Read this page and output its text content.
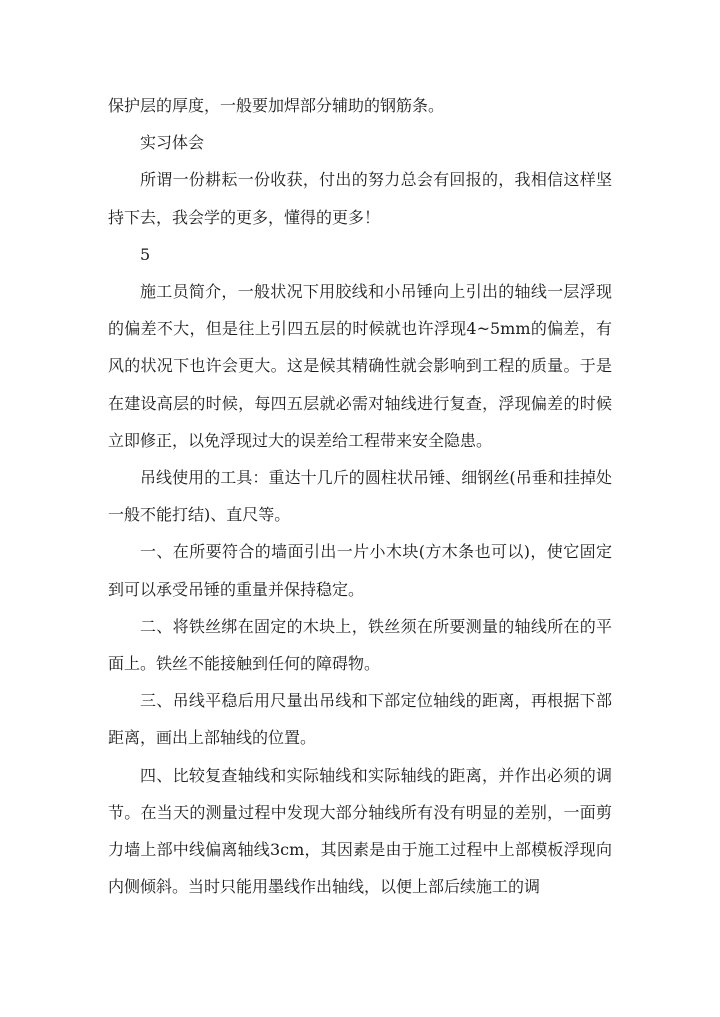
保护层的厚度，一般要加焊部分辅助的钢筋条。

实习体会

所谓一份耕耘一份收获，付出的努力总会有回报的，我相信这样坚持下去，我会学的更多，懂得的更多！

5

施工员简介，一般状况下用胶线和小吊锤向上引出的轴线一层浮现的偏差不大，但是往上引四五层的时候就也许浮现4~5mm的偏差，有风的状况下也许会更大。这是候其精确性就会影响到工程的质量。于是在建设高层的时候，每四五层就必需对轴线进行复查，浮现偏差的时候立即修正，以免浮现过大的误差给工程带来安全隐患。

吊线使用的工具：重达十几斤的圆柱状吊锤、细钢丝(吊垂和挂掉处一般不能打结)、直尺等。

一、在所要符合的墙面引出一片小木块(方木条也可以)，使它固定到可以承受吊锤的重量并保持稳定。

二、将铁丝绑在固定的木块上，铁丝须在所要测量的轴线所在的平面上。铁丝不能接触到任何的障碍物。

三、吊线平稳后用尺量出吊线和下部定位轴线的距离，再根据下部距离，画出上部轴线的位置。

四、比较复查轴线和实际轴线和实际轴线的距离，并作出必须的调节。在当天的测量过程中发现大部分轴线所有没有明显的差别，一面剪力墙上部中线偏离轴线3cm，其因素是由于施工过程中上部模板浮现向内侧倾斜。当时只能用墨线作出轴线，以便上部后续施工的调
